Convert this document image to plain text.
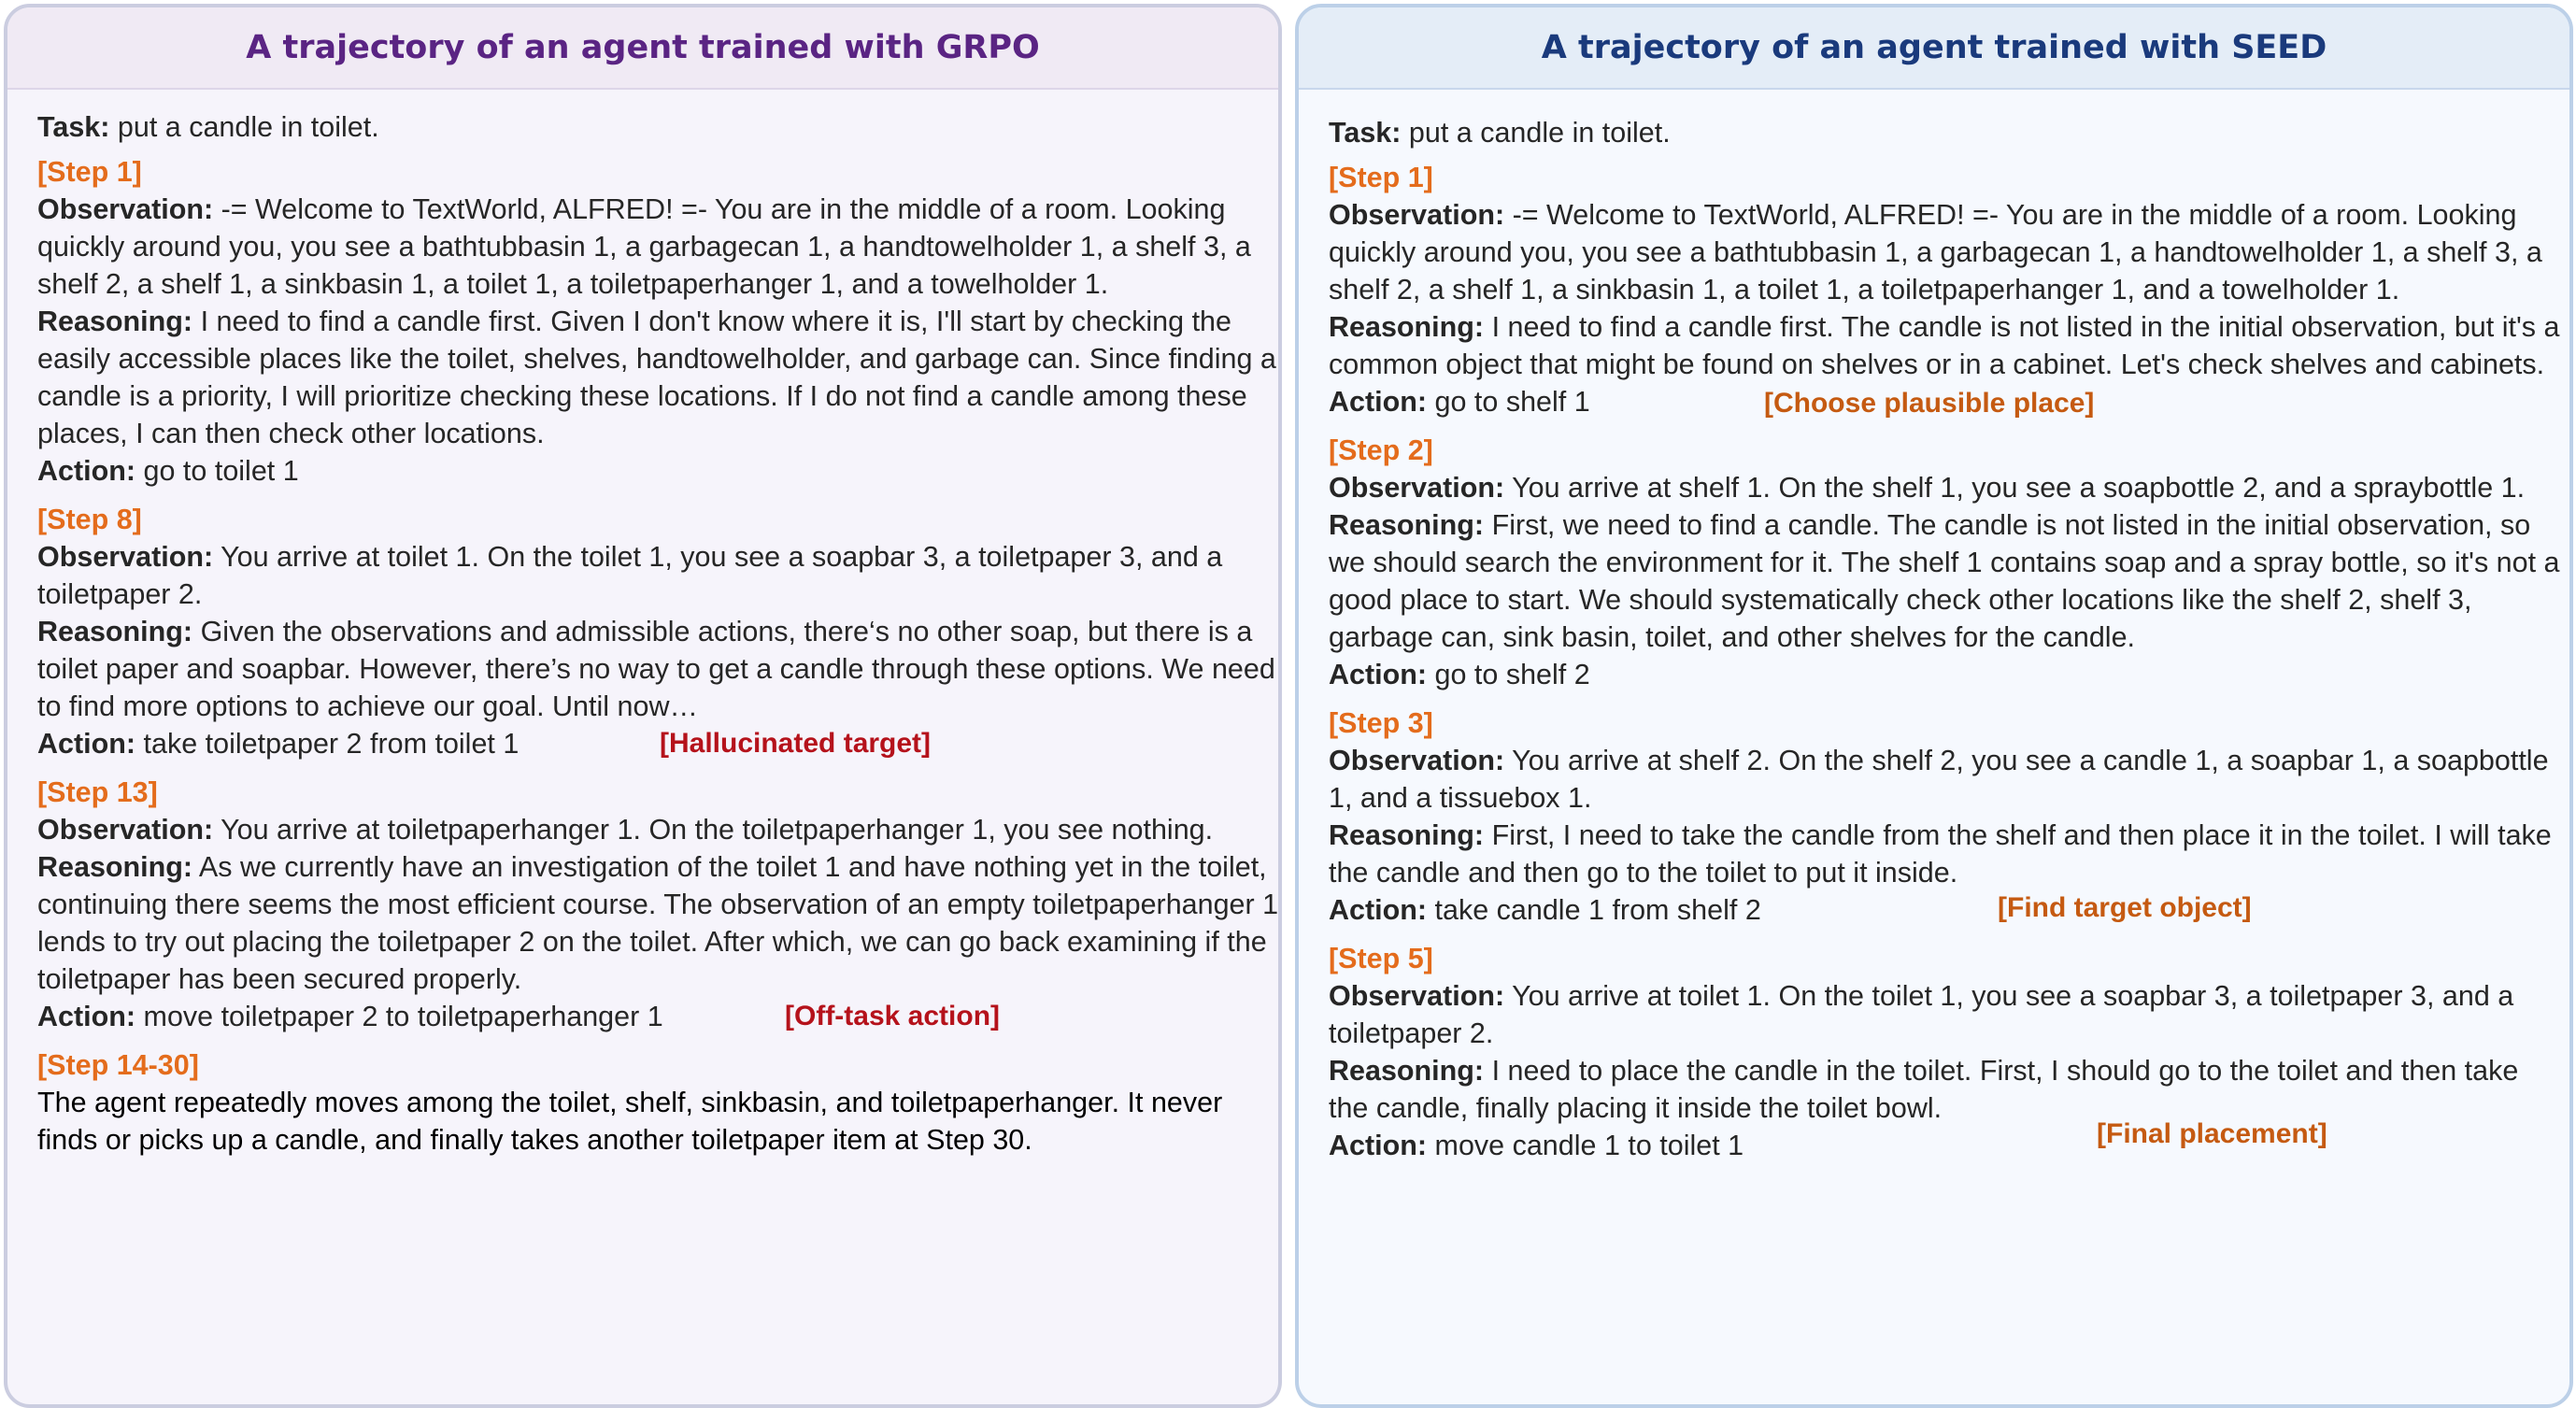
A trajectory of an agent trained with GRPO
Task: put a candle in toilet.
[Step 1]
Observation: -= Welcome to TextWorld, ALFRED! =- You are in the middle of a room. Looking quickly around you, you see a bathtubbasin 1, a garbagecan 1, a handtowelholder 1, a shelf 3, a shelf 2, a shelf 1, a sinkbasin 1, a toilet 1, a toiletpaperhanger 1, and a towelholder 1.
Reasoning: I need to find a candle first. Given I don't know where it is, I'll start by checking the easily accessible places like the toilet, shelves, handtowelholder, and garbage can. Since finding a candle is a priority, I will prioritize checking these locations. If I do not find a candle among these places, I can then check other locations.
Action: go to toilet 1
[Step 8]
Observation: You arrive at toilet 1. On the toilet 1, you see a soapbar 3, a toiletpaper 3, and a toiletpaper 2.
Reasoning: Given the observations and admissible actions, there‘s no other soap, but there is a toilet paper and soapbar. However, there’s no way to get a candle through these options. We need to find more options to achieve our goal. Until now…
Action: take toiletpaper 2 from toilet 1	[Hallucinated target]
[Step 13]
Observation: You arrive at toiletpaperhanger 1. On the toiletpaperhanger 1, you see nothing.
Reasoning: As we currently have an investigation of the toilet 1 and have nothing yet in the toilet, continuing there seems the most efficient course. The observation of an empty toiletpaperhanger 1 lends to try out placing the toiletpaper 2 on the toilet. After which, we can go back examining if the toiletpaper has been secured properly.
Action: move toiletpaper 2 to toiletpaperhanger 1	[Off-task action]
[Step 14-30]
The agent repeatedly moves among the toilet, shelf, sinkbasin, and toiletpaperhanger. It never finds or picks up a candle, and finally takes another toiletpaper item at Step 30.
A trajectory of an agent trained with SEED
Task: put a candle in toilet.
[Step 1]
Observation: -= Welcome to TextWorld, ALFRED! =- You are in the middle of a room. Looking quickly around you, you see a bathtubbasin 1, a garbagecan 1, a handtowelholder 1, a shelf 3, a shelf 2, a shelf 1, a sinkbasin 1, a toilet 1, a toiletpaperhanger 1, and a towelholder 1.
Reasoning: I need to find a candle first. The candle is not listed in the initial observation, but it's a common object that might be found on shelves or in a cabinet. Let's check shelves and cabinets.
Action: go to shelf 1	[Choose plausible place]
[Step 2]
Observation: You arrive at shelf 1. On the shelf 1, you see a soapbottle 2, and a spraybottle 1.
Reasoning: First, we need to find a candle. The candle is not listed in the initial observation, so we should search the environment for it. The shelf 1 contains soap and a spray bottle, so it's not a good place to start. We should systematically check other locations like the shelf 2, shelf 3, garbage can, sink basin, toilet, and other shelves for the candle.
Action: go to shelf 2
[Step 3]
Observation: You arrive at shelf 2. On the shelf 2, you see a candle 1, a soapbar 1, a soapbottle 1, and a tissuebox 1.
Reasoning: First, I need to take the candle from the shelf and then place it in the toilet. I will take the candle and then go to the toilet to put it inside.
Action: take candle 1 from shelf 2	[Find target object]
[Step 5]
Observation: You arrive at toilet 1. On the toilet 1, you see a soapbar 3, a toiletpaper 3, and a toiletpaper 2.
Reasoning: I need to place the candle in the toilet. First, I should go to the toilet and then take the candle, finally placing it inside the toilet bowl.
Action: move candle 1 to toilet 1	[Final placement]
